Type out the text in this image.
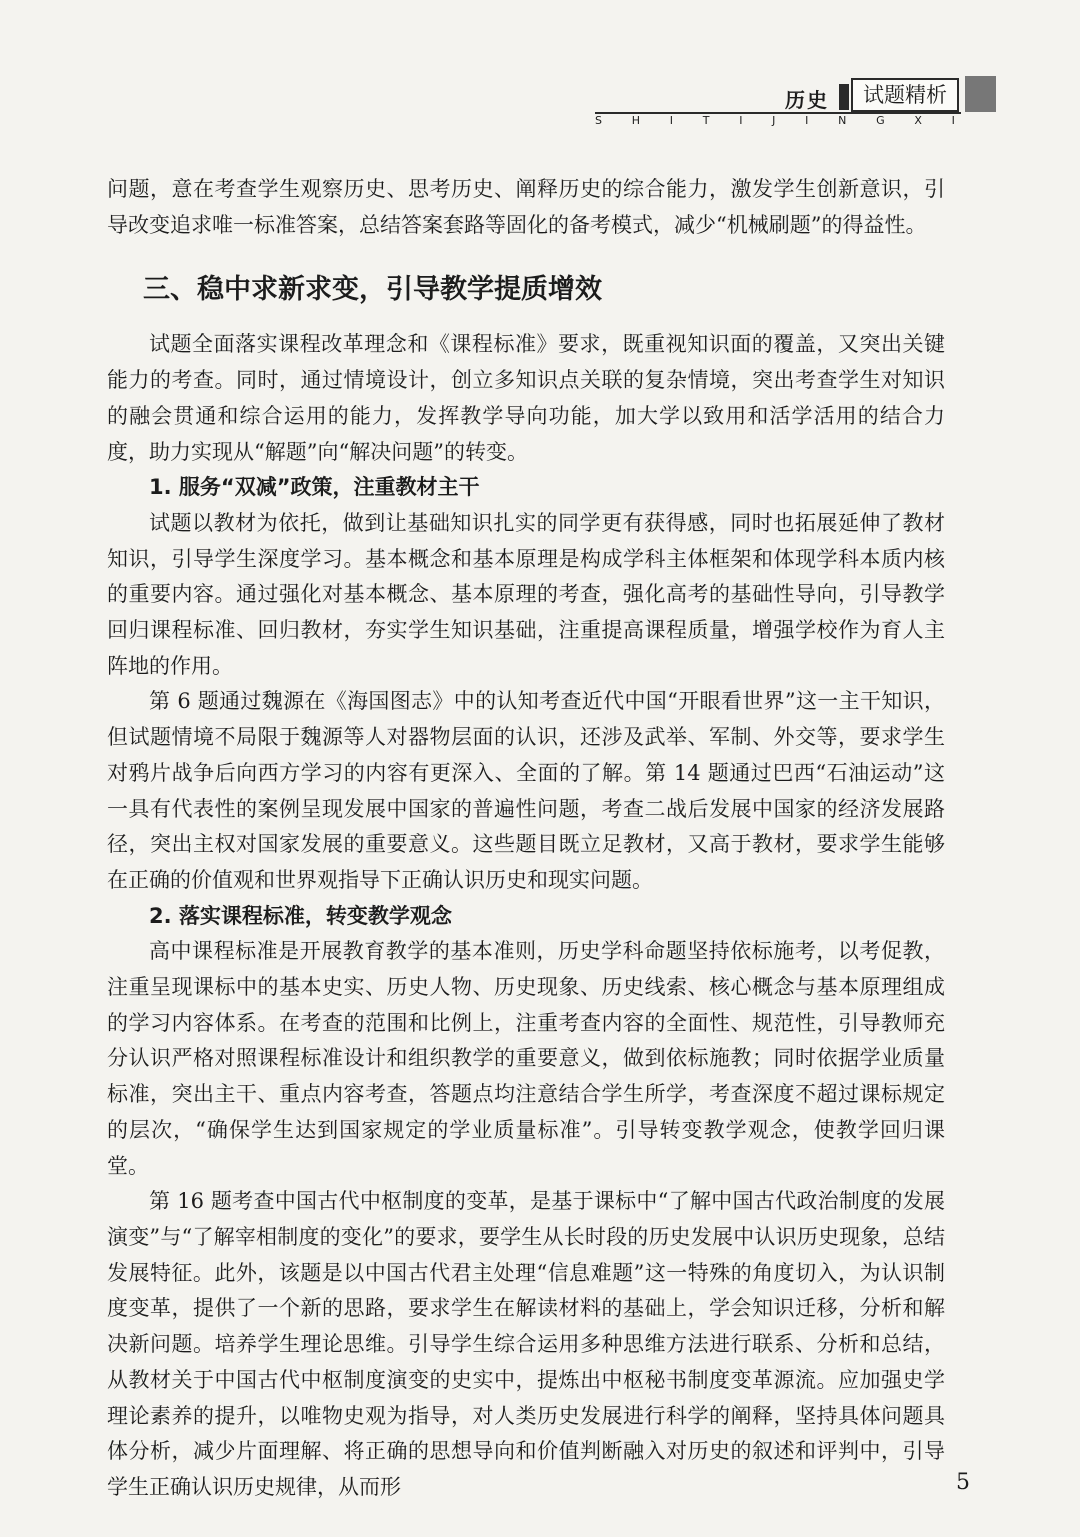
历史	试题精析
S	H	I	T	I	J	I	N	G	X	I

问题，意在考查学生观察历史、思考历史、阐释历史的综合能力，激发学生创新意识，引导改变追求唯一标准答案，总结答案套路等固化的备考模式，减少“机械刷题”的得益性。

三、稳中求新求变，引导教学提质增效

试题全面落实课程改革理念和《课程标准》要求，既重视知识面的覆盖，又突出关键能力的考查。同时，通过情境设计，创立多知识点关联的复杂情境，突出考查学生对知识的融会贯通和综合运用的能力，发挥教学导向功能，加大学以致用和活学活用的结合力度，助力实现从“解题”向“解决问题”的转变。

1. 服务“双减”政策，注重教材主干

试题以教材为依托，做到让基础知识扎实的同学更有获得感，同时也拓展延伸了教材知识，引导学生深度学习。基本概念和基本原理是构成学科主体框架和体现学科本质内核的重要内容。通过强化对基本概念、基本原理的考查，强化高考的基础性导向，引导教学回归课程标准、回归教材，夯实学生知识基础，注重提高课程质量，增强学校作为育人主阵地的作用。

第 6 题通过魏源在《海国图志》中的认知考查近代中国“开眼看世界”这一主干知识，但试题情境不局限于魏源等人对器物层面的认识，还涉及武举、军制、外交等，要求学生对鸦片战争后向西方学习的内容有更深入、全面的了解。第 14 题通过巴西“石油运动”这一具有代表性的案例呈现发展中国家的普遍性问题，考查二战后发展中国家的经济发展路径，突出主权对国家发展的重要意义。这些题目既立足教材，又高于教材，要求学生能够在正确的价值观和世界观指导下正确认识历史和现实问题。

2. 落实课程标准，转变教学观念

高中课程标准是开展教育教学的基本准则，历史学科命题坚持依标施考，以考促教，注重呈现课标中的基本史实、历史人物、历史现象、历史线索、核心概念与基本原理组成的学习内容体系。在考查的范围和比例上，注重考查内容的全面性、规范性，引导教师充分认识严格对照课程标准设计和组织教学的重要意义，做到依标施教；同时依据学业质量标准，突出主干、重点内容考查，答题点均注意结合学生所学，考查深度不超过课标规定的层次，“确保学生达到国家规定的学业质量标准”。引导转变教学观念，使教学回归课堂。

第 16 题考查中国古代中枢制度的变革，是基于课标中“了解中国古代政治制度的发展演变”与“了解宰相制度的变化”的要求，要学生从长时段的历史发展中认识历史现象，总结发展特征。此外，该题是以中国古代君主处理“信息难题”这一特殊的角度切入，为认识制度变革，提供了一个新的思路，要求学生在解读材料的基础上，学会知识迁移，分析和解决新问题。培养学生理论思维。引导学生综合运用多种思维方法进行联系、分析和总结，从教材关于中国古代中枢制度演变的史实中，提炼出中枢秘书制度变革源流。应加强史学理论素养的提升，以唯物史观为指导，对人类历史发展进行科学的阐释，坚持具体问题具体分析，减少片面理解、将正确的思想导向和价值判断融入对历史的叙述和评判中，引导学生正确认识历史规律，从而形	5
